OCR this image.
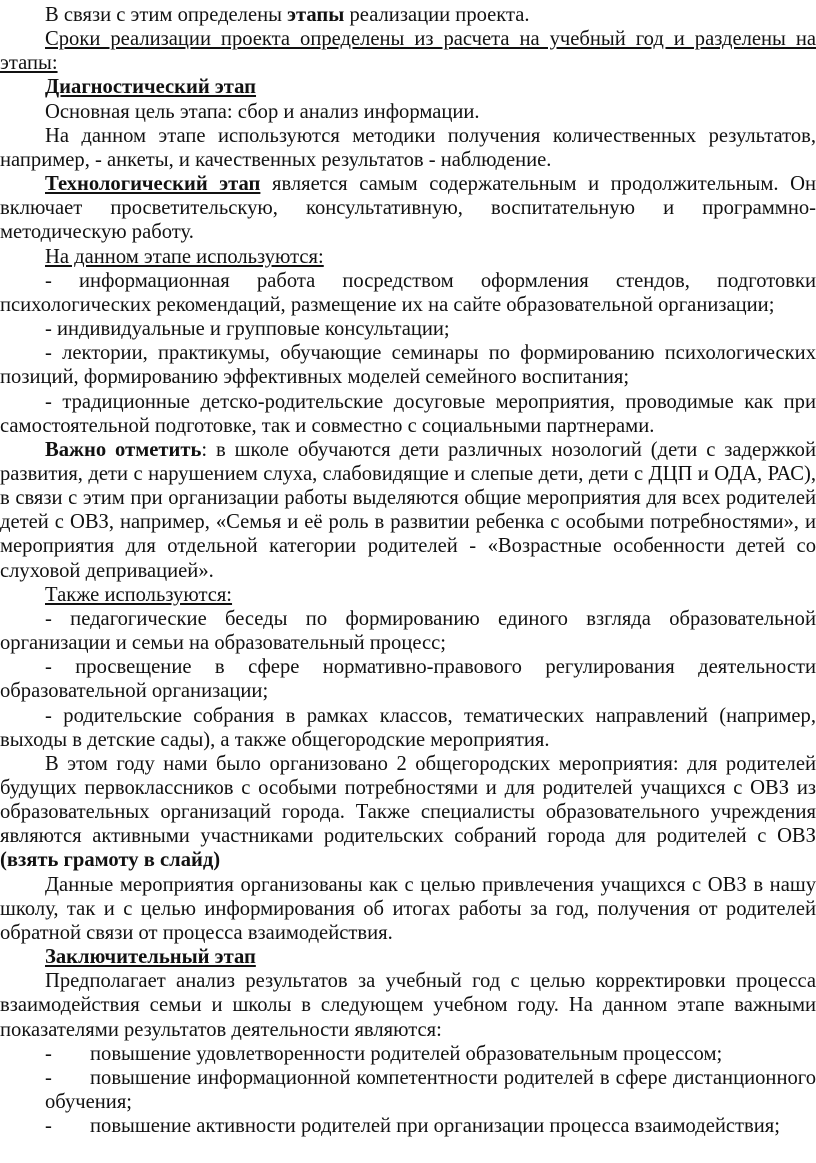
В связи с этим определены этапы реализации проекта.

Сроки реализации проекта определены из расчета на учебный год и разделены на этапы:

Диагностический этап

Основная цель этапа: сбор и анализ информации.

На данном этапе используются методики получения количественных результатов, например, - анкеты, и качественных результатов - наблюдение.

Технологический этап является самым содержательным и продолжительным. Он включает просветительскую, консультативную, воспитательную и программно-методическую работу.

На данном этапе используются:

- информационная работа посредством оформления стендов, подготовки психологических рекомендаций, размещение их на сайте образовательной организации;

- индивидуальные и групповые консультации;

- лектории, практикумы, обучающие семинары по формированию психологических позиций, формированию эффективных моделей семейного воспитания;

- традиционные детско-родительские досуговые мероприятия, проводимые как при самостоятельной подготовке, так и совместно с социальными партнерами.

Важно отметить: в школе обучаются дети различных нозологий (дети с задержкой развития, дети с нарушением слуха, слабовидящие и слепые дети, дети с ДЦП и ОДА, РАС), в связи с этим при организации работы выделяются общие мероприятия для всех родителей детей с ОВЗ, например, «Семья и её роль в развитии ребенка с особыми потребностями», и мероприятия для отдельной категории родителей - «Возрастные особенности детей со слуховой депривацией».

Также используются:

- педагогические беседы по формированию единого взгляда образовательной организации и семьи на образовательный процесс;

- просвещение в сфере нормативно-правового регулирования деятельности образовательной организации;

- родительские собрания в рамках классов, тематических направлений (например, выходы в детские сады), а также общегородские мероприятия.

В этом году нами было организовано 2 общегородских мероприятия: для родителей будущих первоклассников с особыми потребностями и для родителей учащихся с ОВЗ из образовательных организаций города. Также специалисты образовательного учреждения являются активными участниками родительских собраний города для родителей с ОВЗ (взять грамоту в слайд)

Данные мероприятия организованы как с целью привлечения учащихся с ОВЗ в нашу школу, так и с целью информирования об итогах работы за год, получения от родителей обратной связи от процесса взаимодействия.

Заключительный этап

Предполагает анализ результатов за учебный год с целью корректировки процесса взаимодействия семьи и школы в следующем учебном году. На данном этапе важными показателями результатов деятельности являются:

- повышение удовлетворенности родителей образовательным процессом;

- повышение информационной компетентности родителей в сфере дистанционного обучения;

- повышение активности родителей при организации процесса взаимодействия;
